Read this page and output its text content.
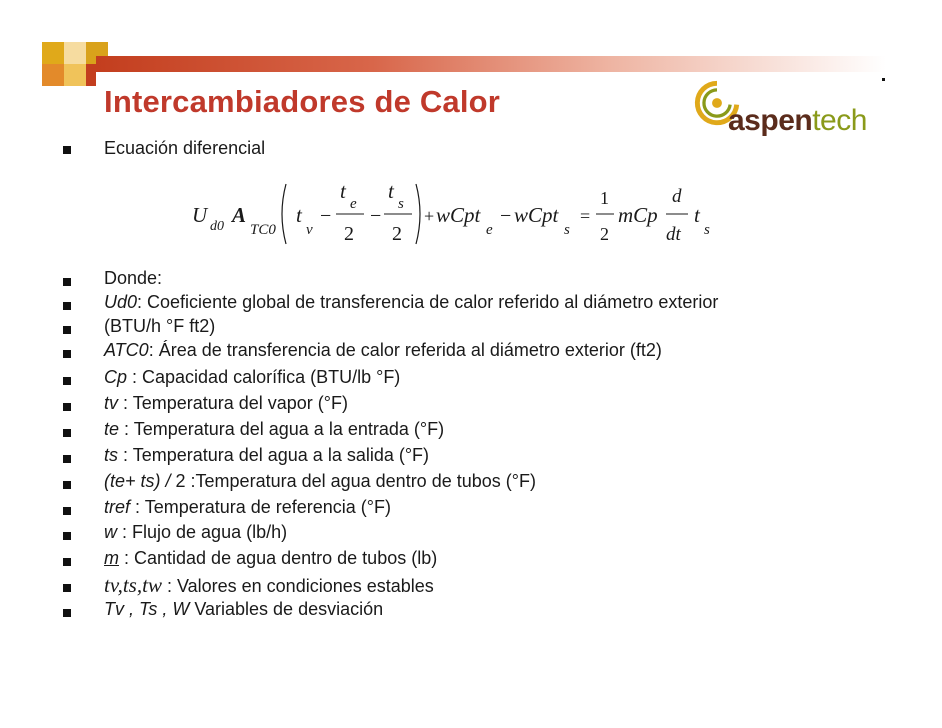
Intercambiadores de Calor
aspentech
Ecuación diferencial
U d0 A
TC0
t
v
−
t
e
2
−
t
s
2
+ wCpt
e
− wCpt
s
=
1
2
mCp
d
dt
t
s
Donde:
Ud0: Coeficiente global de transferencia de calor referido al diámetro exterior
(BTU/h °F ft2)
ATC0: Área de transferencia de calor referida al diámetro exterior (ft2)
Cp : Capacidad calorífica (BTU/lb °F)
tv : Temperatura del vapor (°F)
te : Temperatura del agua a la entrada (°F)
ts : Temperatura del agua a la salida (°F)
(te+ ts) / 2 :Temperatura del agua dentro de tubos (°F)
tref : Temperatura de referencia (°F)
w : Flujo de agua (lb/h)
m : Cantidad de agua dentro de tubos (lb)
tv,ts,tw : Valores en condiciones estables
Tv , Ts , W Variables de desviación
